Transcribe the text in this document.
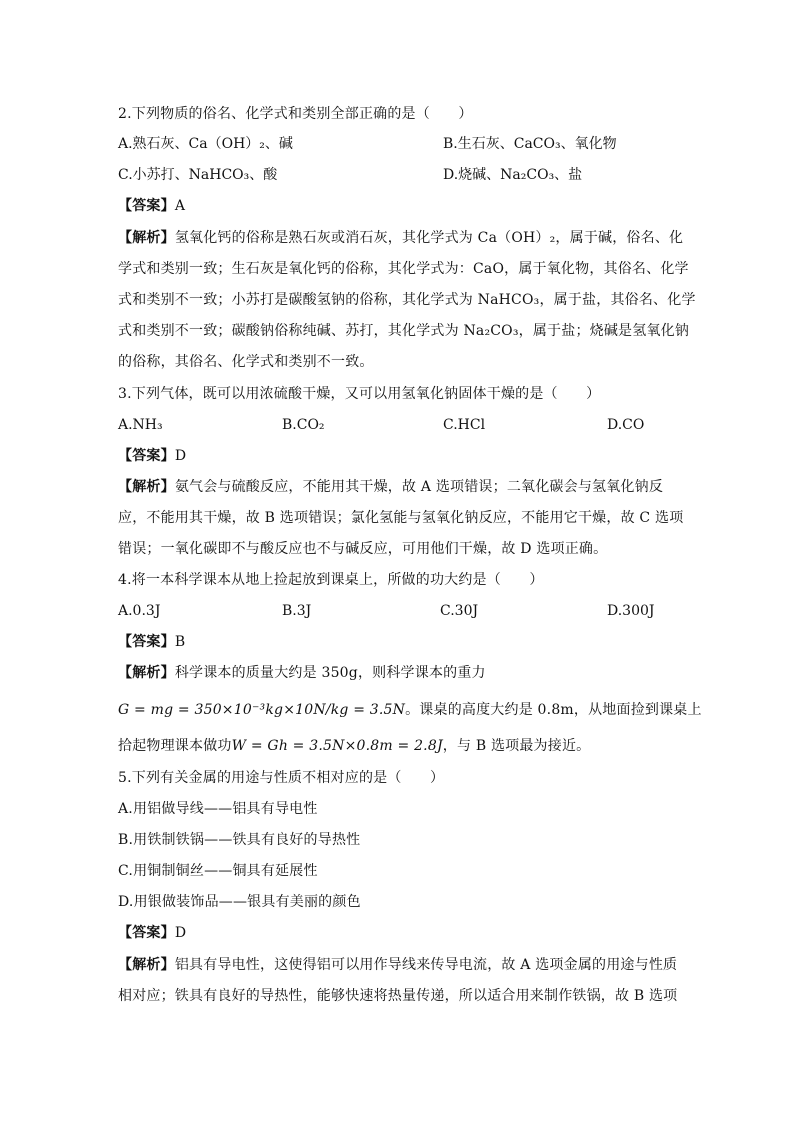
2.下列物质的俗名、化学式和类别全部正确的是（　　）
A.熟石灰、Ca（OH）₂、碱	B.生石灰、CaCO₃、氧化物
C.小苏打、NaHCO₃、酸	D.烧碱、Na₂CO₃、盐
【答案】A
【解析】氢氧化钙的俗称是熟石灰或消石灰，其化学式为 Ca（OH）₂，属于碱，俗名、化
学式和类别一致；生石灰是氧化钙的俗称，其化学式为：CaO，属于氧化物，其俗名、化学
式和类别不一致；小苏打是碳酸氢钠的俗称，其化学式为 NaHCO₃，属于盐，其俗名、化学
式和类别不一致；碳酸钠俗称纯碱、苏打，其化学式为 Na₂CO₃，属于盐；烧碱是氢氧化钠
的俗称，其俗名、化学式和类别不一致。
3.下列气体，既可以用浓硫酸干燥，又可以用氢氧化钠固体干燥的是（　　）
A.NH₃	B.CO₂	C.HCl	D.CO
【答案】D
【解析】氨气会与硫酸反应，不能用其干燥，故 A 选项错误；二氧化碳会与氢氧化钠反
应，不能用其干燥，故 B 选项错误；氯化氢能与氢氧化钠反应，不能用它干燥，故 C 选项
错误；一氧化碳即不与酸反应也不与碱反应，可用他们干燥，故 D 选项正确。
4.将一本科学课本从地上捡起放到课桌上，所做的功大约是（　　）
A.0.3J	B.3J	C.30J	D.300J
【答案】B
【解析】科学课本的质量大约是 350g，则科学课本的重力
G = mg = 350×10⁻³kg×10N/kg = 3.5N。课桌的高度大约是 0.8m，从地面捡到课桌上
拾起物理课本做功W = Gh = 3.5N×0.8m = 2.8J，与 B 选项最为接近。
5.下列有关金属的用途与性质不相对应的是（　　）
A.用铝做导线——铝具有导电性
B.用铁制铁锅——铁具有良好的导热性
C.用铜制铜丝——铜具有延展性
D.用银做装饰品——银具有美丽的颜色
【答案】D
【解析】铝具有导电性，这使得铝可以用作导线来传导电流，故 A 选项金属的用途与性质
相对应；铁具有良好的导热性，能够快速将热量传递，所以适合用来制作铁锅，故 B 选项
